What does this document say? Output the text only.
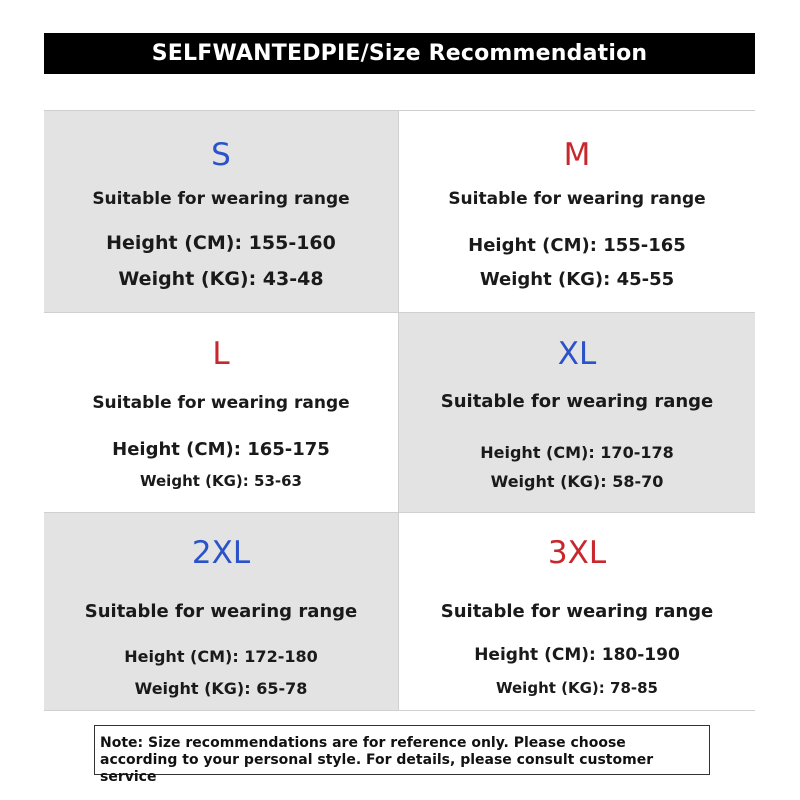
SELFWANTEDPIE/Size Recommendation
S
Suitable for wearing range
Height (CM): 155-160
Weight (KG): 43-48
M
Suitable for wearing range
Height (CM): 155-165
Weight (KG): 45-55
L
Suitable for wearing range
Height (CM): 165-175
Weight (KG): 53-63
XL
Suitable for wearing range
Height (CM): 170-178
Weight (KG): 58-70
2XL
Suitable for wearing range
Height (CM): 172-180
Weight (KG): 65-78
3XL
Suitable for wearing range
Height (CM): 180-190
Weight (KG): 78-85
Note: Size recommendations are for reference only. Please choose according to your personal style. For details, please consult customer service
